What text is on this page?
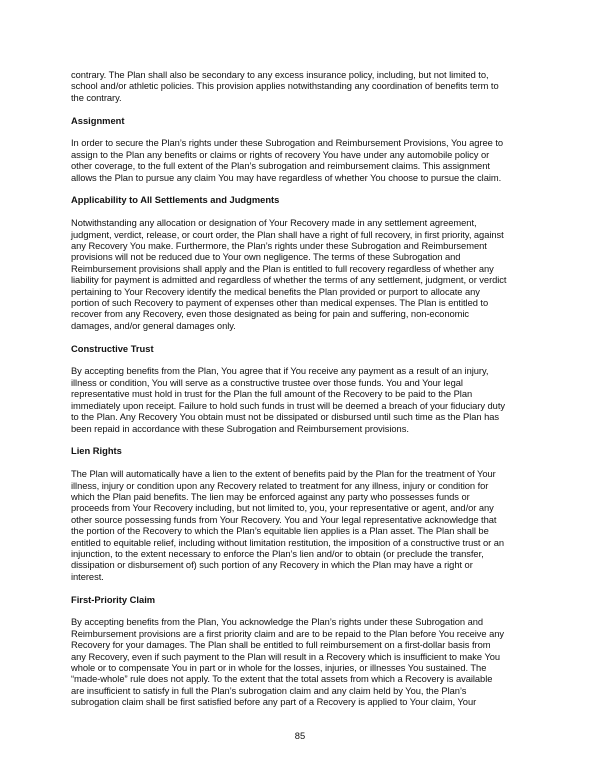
contrary. The Plan shall also be secondary to any excess insurance policy, including, but not limited to,

school and/or athletic policies. This provision applies notwithstanding any coordination of benefits term to

the contrary.

Assignment

In order to secure the Plan’s rights under these Subrogation and Reimbursement Provisions, You agree to

assign to the Plan any benefits or claims or rights of recovery You have under any automobile policy or

other coverage, to the full extent of the Plan’s subrogation and reimbursement claims. This assignment

allows the Plan to pursue any claim You may have regardless of whether You choose to pursue the claim.

Applicability to All Settlements and Judgments

Notwithstanding any allocation or designation of Your Recovery made in any settlement agreement,

judgment, verdict, release, or court order, the Plan shall have a right of full recovery, in first priority, against

any Recovery You make. Furthermore, the Plan’s rights under these Subrogation and Reimbursement

provisions will not be reduced due to Your own negligence. The terms of these Subrogation and

Reimbursement provisions shall apply and the Plan is entitled to full recovery regardless of whether any

liability for payment is admitted and regardless of whether the terms of any settlement, judgment, or verdict

pertaining to Your Recovery identify the medical benefits the Plan provided or purport to allocate any

portion of such Recovery to payment of expenses other than medical expenses. The Plan is entitled to

recover from any Recovery, even those designated as being for pain and suffering, non-economic

damages, and/or general damages only.

Constructive Trust

By accepting benefits from the Plan, You agree that if You receive any payment as a result of an injury,

illness or condition, You will serve as a constructive trustee over those funds. You and Your legal

representative must hold in trust for the Plan the full amount of the Recovery to be paid to the Plan

immediately upon receipt. Failure to hold such funds in trust will be deemed a breach of your fiduciary duty

to the Plan. Any Recovery You obtain must not be dissipated or disbursed until such time as the Plan has

been repaid in accordance with these Subrogation and Reimbursement provisions.

Lien Rights

The Plan will automatically have a lien to the extent of benefits paid by the Plan for the treatment of Your

illness, injury or condition upon any Recovery related to treatment for any illness, injury or condition for

which the Plan paid benefits. The lien may be enforced against any party who possesses funds or

proceeds from Your Recovery including, but not limited to, you, your representative or agent, and/or any

other source possessing funds from Your Recovery. You and Your legal representative acknowledge that

the portion of the Recovery to which the Plan’s equitable lien applies is a Plan asset. The Plan shall be

entitled to equitable relief, including without limitation restitution, the imposition of a constructive trust or an

injunction, to the extent necessary to enforce the Plan’s lien and/or to obtain (or preclude the transfer,

dissipation or disbursement of) such portion of any Recovery in which the Plan may have a right or

interest.

First-Priority Claim

By accepting benefits from the Plan, You acknowledge the Plan’s rights under these Subrogation and

Reimbursement provisions are a first priority claim and are to be repaid to the Plan before You receive any

Recovery for your damages. The Plan shall be entitled to full reimbursement on a first-dollar basis from

any Recovery, even if such payment to the Plan will result in a Recovery which is insufficient to make You

whole or to compensate You in part or in whole for the losses, injuries, or illnesses You sustained. The

“made-whole” rule does not apply. To the extent that the total assets from which a Recovery is available

are insufficient to satisfy in full the Plan’s subrogation claim and any claim held by You, the Plan’s

subrogation claim shall be first satisfied before any part of a Recovery is applied to Your claim, Your

85
